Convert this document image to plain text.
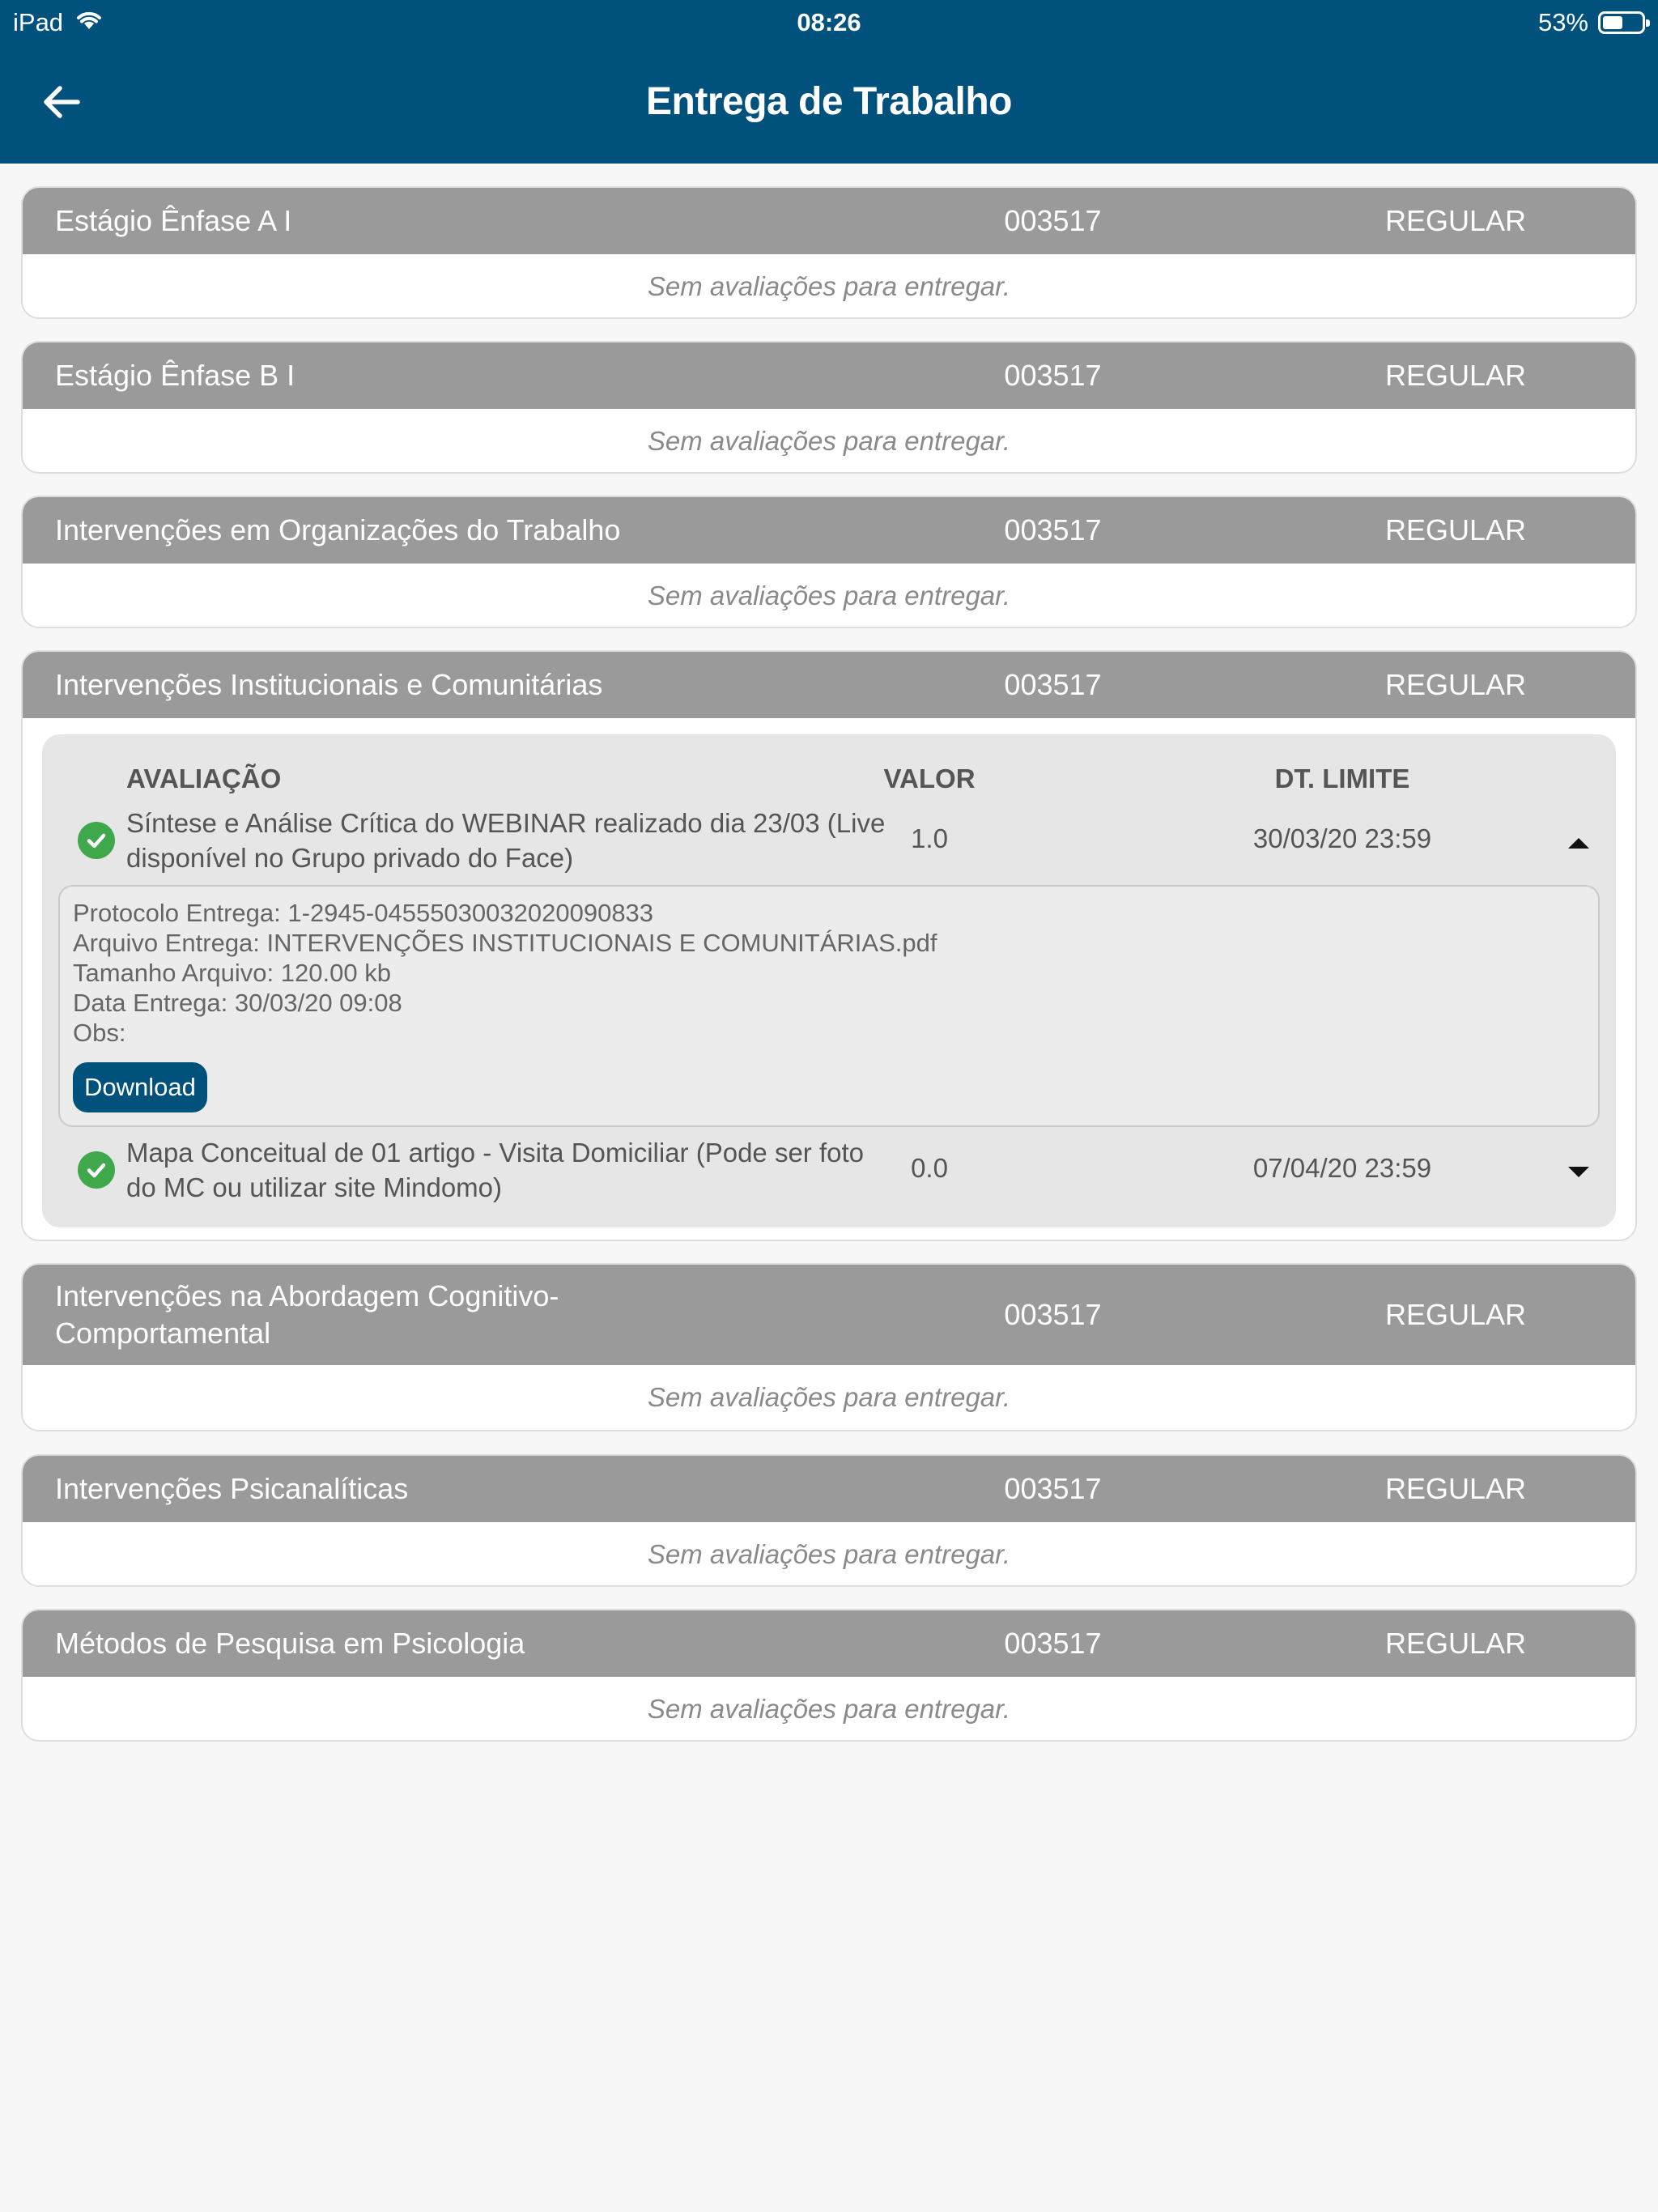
iPad	08:26	53%
Entrega de Trabalho
Estágio Ênfase A I	003517	REGULAR
Sem avaliações para entregar.
Estágio Ênfase B I	003517	REGULAR
Sem avaliações para entregar.
Intervenções em Organizações do Trabalho	003517	REGULAR
Sem avaliações para entregar.
Intervenções Institucionais e Comunitárias	003517	REGULAR
AVALIAÇÃO	VALOR	DT. LIMITE
Síntese e Análise Crítica do WEBINAR realizado dia 23/03 (Live disponível no Grupo privado do Face)
1.0	30/03/20 23:59
Protocolo Entrega: 1-2945-04555030032020090833
Arquivo Entrega: INTERVENÇÕES INSTITUCIONAIS E COMUNITÁRIAS.pdf
Tamanho Arquivo: 120.00 kb
Data Entrega: 30/03/20 09:08
Obs:
Download
Mapa Conceitual de 01 artigo - Visita Domiciliar (Pode ser foto do MC ou utilizar site Mindomo)
0.0	07/04/20 23:59
Intervenções na Abordagem Cognitivo-Comportamental
003517	REGULAR
Sem avaliações para entregar.
Intervenções Psicanalíticas	003517	REGULAR
Sem avaliações para entregar.
Métodos de Pesquisa em Psicologia	003517	REGULAR
Sem avaliações para entregar.
